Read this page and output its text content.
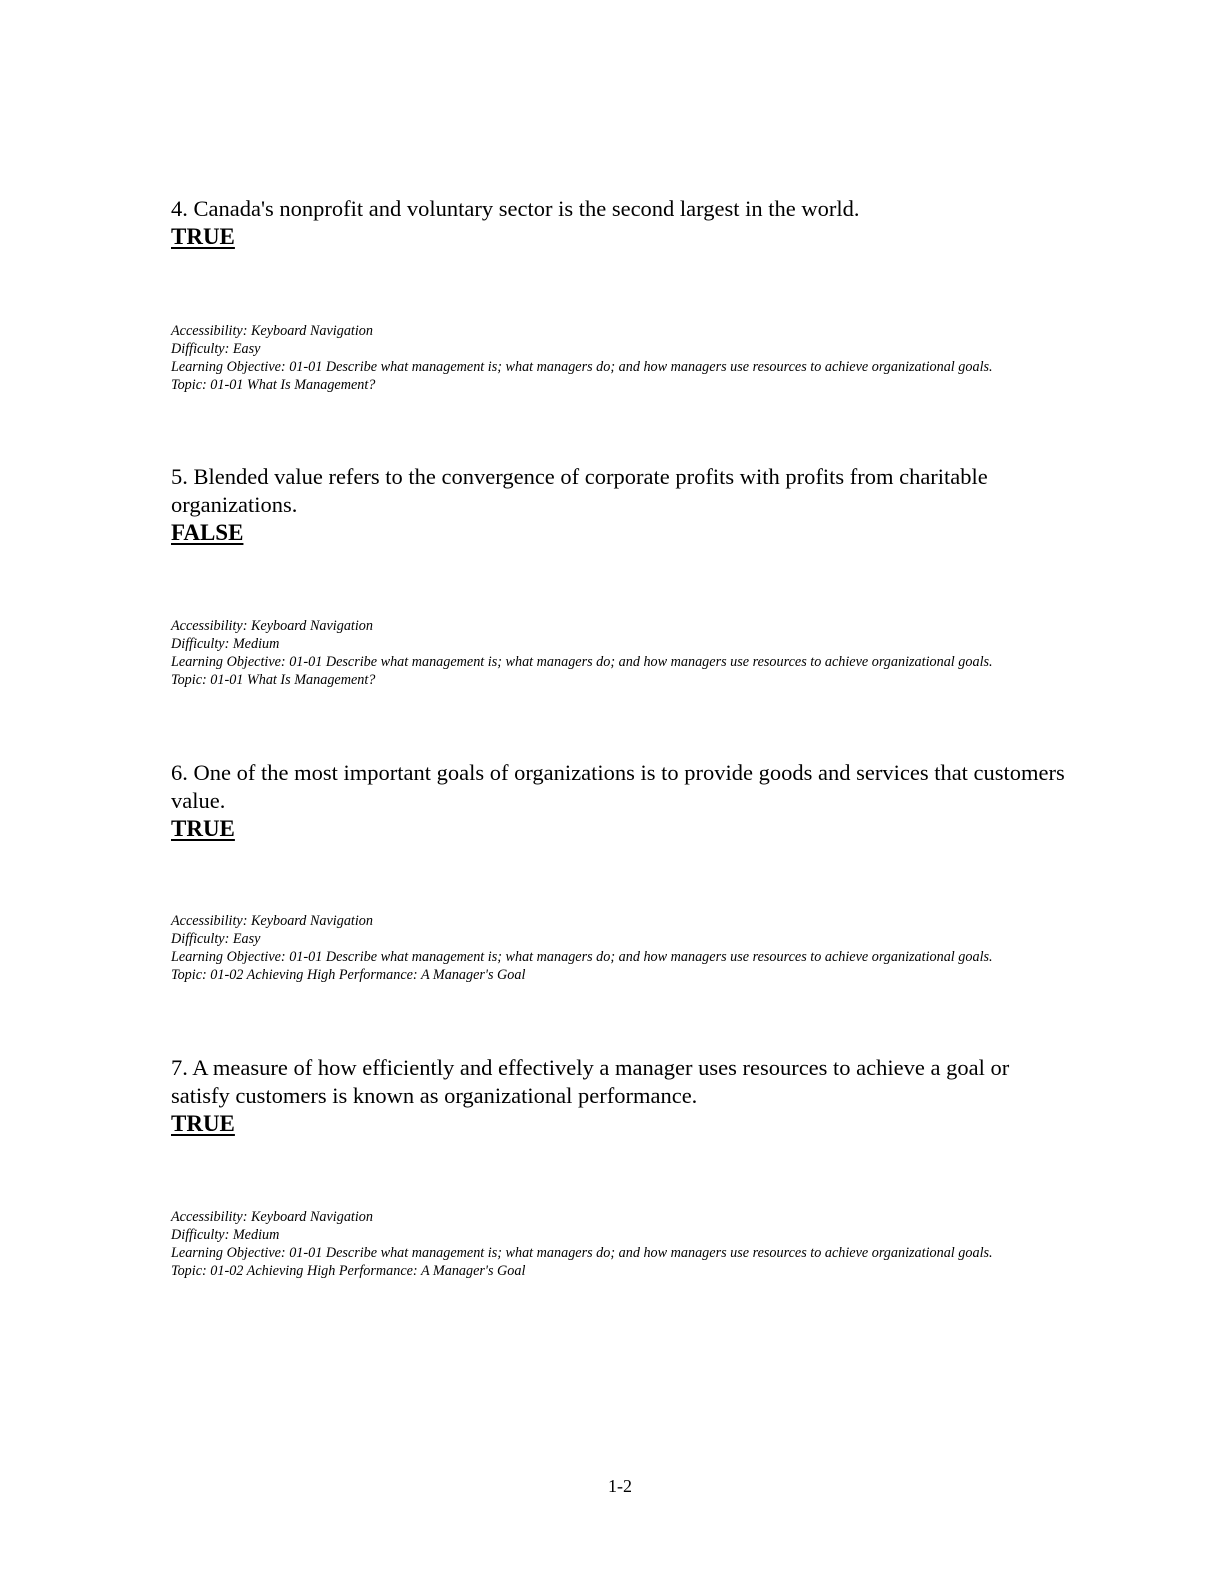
4. Canada's nonprofit and voluntary sector is the second largest in the world.

TRUE

Accessibility: Keyboard Navigation
Difficulty: Easy
Learning Objective: 01-01 Describe what management is; what managers do; and how managers use resources to achieve organizational goals.
Topic: 01-01 What Is Management?

5. Blended value refers to the convergence of corporate profits with profits from charitable organizations.

FALSE

Accessibility: Keyboard Navigation
Difficulty: Medium
Learning Objective: 01-01 Describe what management is; what managers do; and how managers use resources to achieve organizational goals.
Topic: 01-01 What Is Management?

6. One of the most important goals of organizations is to provide goods and services that customers value.

TRUE

Accessibility: Keyboard Navigation
Difficulty: Easy
Learning Objective: 01-01 Describe what management is; what managers do; and how managers use resources to achieve organizational goals.
Topic: 01-02 Achieving High Performance: A Manager's Goal

7. A measure of how efficiently and effectively a manager uses resources to achieve a goal or satisfy customers is known as organizational performance.

TRUE

Accessibility: Keyboard Navigation
Difficulty: Medium
Learning Objective: 01-01 Describe what management is; what managers do; and how managers use resources to achieve organizational goals.
Topic: 01-02 Achieving High Performance: A Manager's Goal
1-2
